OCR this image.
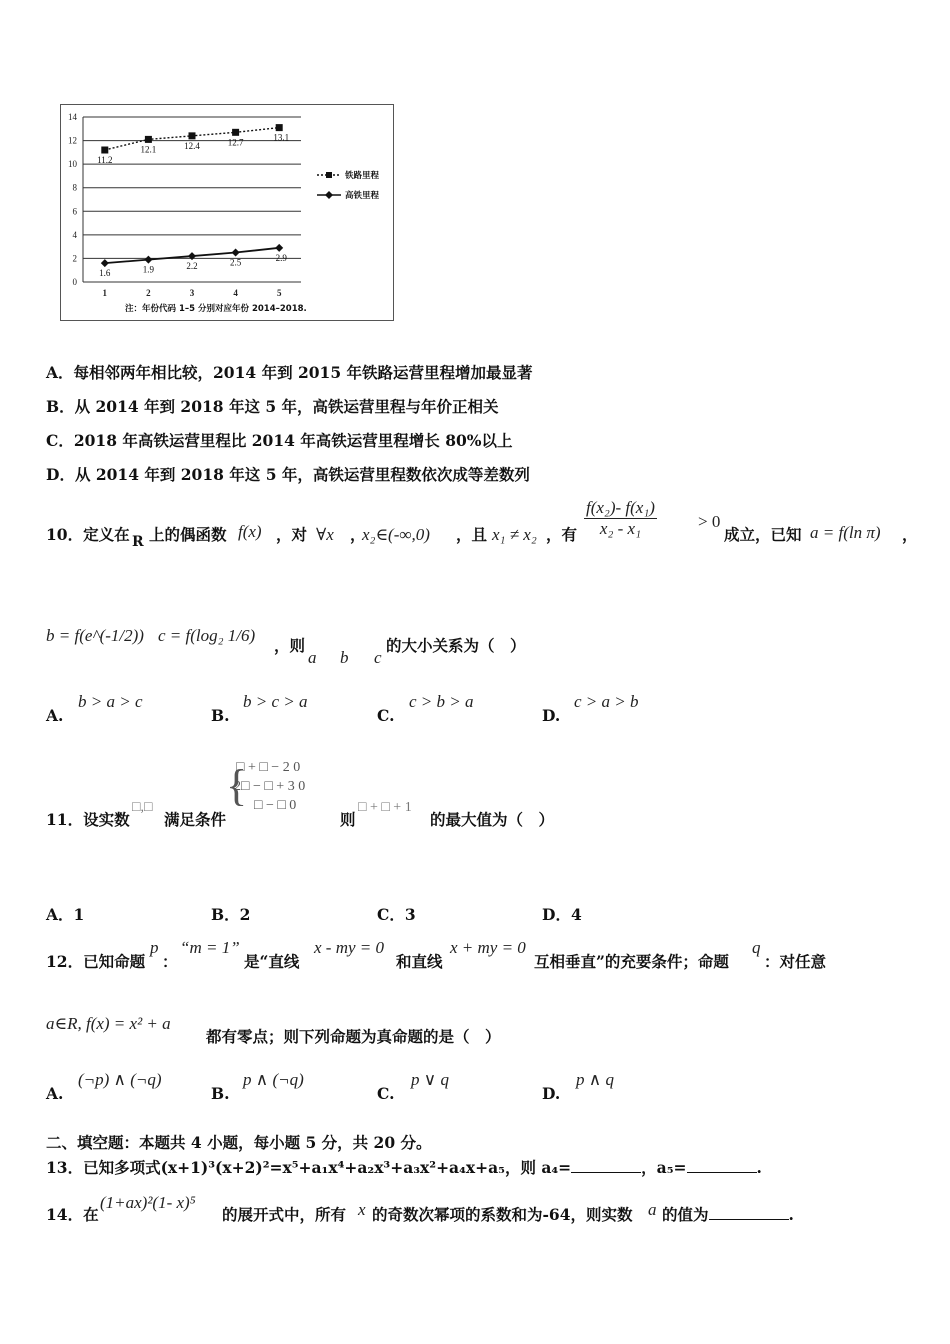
0
2
4
6
8
10
12
14
1	2	3	4	5
11.2
12.1	12.4	12.7	13.1
1.6	1.9	2.2	2.5	2.9
铁路里程
高铁里程
注：年份代码 1–5 分别对应年份 2014–2018.
A．每相邻两年相比较，2014 年到 2015 年铁路运营里程增加最显著
B．从 2014 年到 2018 年这 5 年，高铁运营里程与年价正相关
C．2018 年高铁运营里程比 2014 年高铁运营里程增长 80%以上
D．从 2014 年到 2018 年这 5 年，高铁运营里程数依次成等差数列
10．定义在 R 上的偶函数 f(x) ，对 ∀x ，
x₂∈(-∞,0) ，且 x₁ ≠ x₂ ，有 $\frac{\text{f(x₂)- f(x₁)}}{\text{x₂ - x₁}} > 0$
成立，已知 a = f(ln π) ，
b = f(e^(-1/2)) c = f(log₂ 1/6)
，则
a b c
的大小关系为（　）
A.
b > a > c
B.
b > c > a
C.
c > b > a
D.
c > a > b
11．设实数
□,□
满足条件
{
□ + □ − 2 0
2□ − □ + 3 0
□ − □ 0
则
□ + □ + 1
的最大值为（　）
A．1	B．2	C．3	D．4
12．已知命题
p
：
“m = 1”
是“直线
x - my = 0
和直线
x + my = 0
互相垂直”的充要条件；命题
q
：对任意
a∈R, f(x) = x² + a
都有零点；则下列命题为真命题的是（　）
A.
(¬p) ∧ (¬q)
B.
p ∧ (¬q)
C.
p ∨ q
D.
p ∧ q
二、填空题：本题共 4 小题，每小题 5 分，共 20 分。
13．已知多项式(x+1)³(x+2)²=x⁵+a₁x⁴+a₂x³+a₃x²+a₄x+a₅，则 a₄=	，a₅=	.
14．在
(1+ax)²(1- x)⁵
的展开式中，所有 x 的奇数次幂项的系数和为-64，则实数 a 的值为	.
